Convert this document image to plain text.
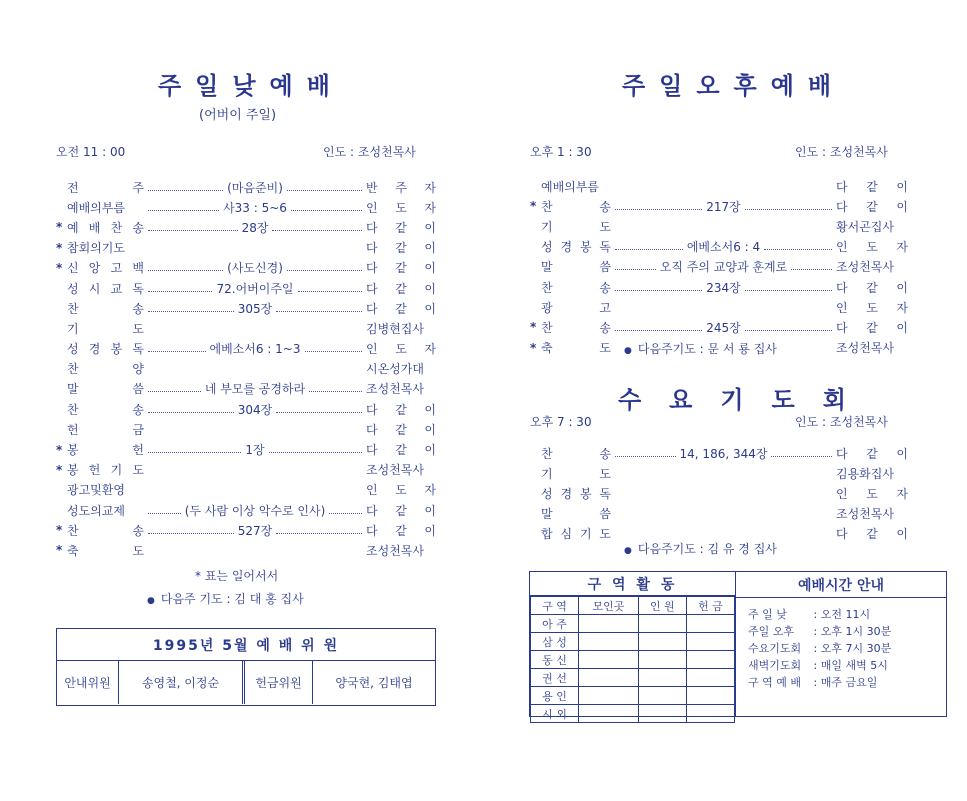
주일낮예배
(어버이 주일)
오전 11 : 00	인도 : 조성천목사
전	주	(마음준비)	반 주 자
예배의부름	사33 : 5~6	인 도 자
* 예 배 찬 송	28장	다 같 이
* 참회의기도	다 같 이
* 신 앙 고 백	(사도신경)	다 같 이
성 시 교 독	72.어버이주일	다 같 이
찬	송	305장	다 같 이
기	도	김병현집사
성 경 봉 독	에베소서6 : 1~3	인 도 자
찬	양	시온성가대
말	씀	네 부모를 공경하라	조성천목사
찬	송	304장	다 같 이
헌	금	다 같 이
* 봉	헌	1장	다 같 이
* 봉 헌 기 도	조성천목사
광고및환영	인 도 자
성도의교제	(두 사람 이상 악수로 인사)	다 같 이
* 찬	송	527장	다 같 이
* 축	도	조성천목사
* 표는 일어서서
● 다음주 기도 : 김 대 홍 집사
1995년 5월 예 배 위 원
안내위원	송영철, 이정순	헌금위원	양국현, 김태엽
주일오후예배
오후 1 : 30	인도 : 조성천목사
예배의부름	다 같 이
* 찬	송	217장	다 같 이
기	도	황서곤집사
성 경 봉 독	에베소서6 : 4	인 도 자
말	씀	오직 주의 교양과 훈계로	조성천목사
찬	송	234장	다 같 이
광	고	인 도 자
* 찬	송	245장	다 같 이
* 축	도	조성천목사
● 다음주기도 : 문 서 룡 집사
수요기도회
오후 7 : 30	인도 : 조성천목사
찬	송	14, 186, 344장	다 같 이
기	도	김용화집사
성 경 봉 독	인 도 자
말	씀	조성천목사
합 심 기 도	다 같 이
● 다음주기도 : 김 유 경 집사
구 역 활 동
구 역	모인곳	인 원	헌 금
아 주			
삼 성			
동 신			
권 선			
용 인			
시 외			
예배시간 안내
주 일 낮 : 오전 11시
주일 오후 : 오후 1시 30분
수요기도회 : 오후 7시 30분
새벽기도회 : 매일 새벽 5시
구 역 예 배 : 매주 금요일
